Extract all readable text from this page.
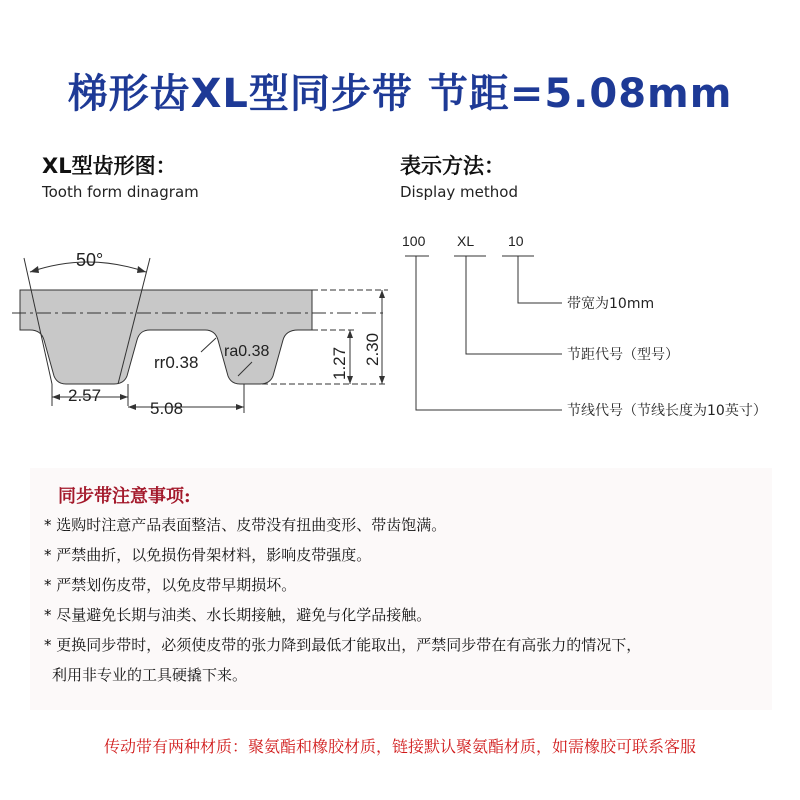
梯形齿XL型同步带 节距=5.08mm
XL型齿形图：
Tooth form dinagram
表示方法：
Display method
50°
rr0.38
ra0.38
2.57
5.08
1.27 2.30
100 XL 10
带宽为10mm
节距代号（型号）
节线代号（节线长度为10英寸）
同步带注意事项:
* 选购时注意产品表面整洁、皮带没有扭曲变形、带齿饱满。
* 严禁曲折，以免损伤骨架材料，影响皮带强度。
* 严禁划伤皮带，以免皮带早期损坏。
* 尽量避免长期与油类、水长期接触，避免与化学品接触。
* 更换同步带时，必须使皮带的张力降到最低才能取出，严禁同步带在有高张力的情况下，
利用非专业的工具硬撬下来。
传动带有两种材质：聚氨酯和橡胶材质，链接默认聚氨酯材质，如需橡胶可联系客服
